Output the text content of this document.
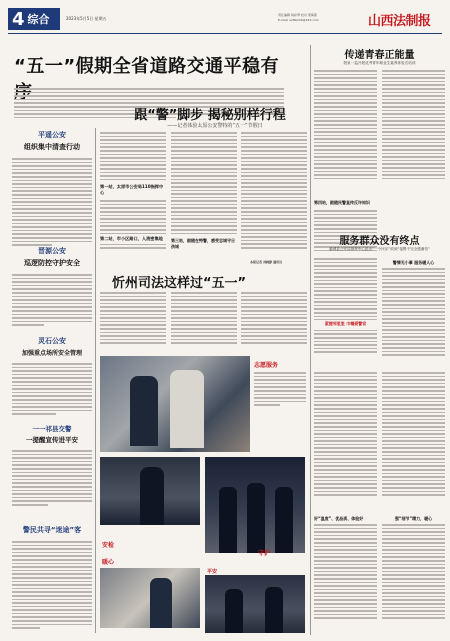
4 综合	2023年5月5日 星期五
责任编辑 杨彩琴 校对 邢海燕
E-mail: sxfzbzhb@163.com	山西法制报
“五一”假期全省道路交通平稳有
平遥公安
组织集中清查行动
晋源公安
巡逻防控守护安全
灵石公安
加强重点场所安全管理
一一祁县交警
一提醒宣传进平安
警民共寻“迷途”客
跟“警”脚步 揭秘别样行程
——记者体验太原公安警特的“五一”节假日
第一站，太原市公安局110指挥中心
第二站，市小区路口，人流密集地	第三站，跟随在特警，感受忠城守日孩城
本报记者 刘晓静 通讯员
传递青春正能量
阳泉一监开展优秀青年职业生素养体验式培训
第四站，跟随民警直传反诈知识
服务群众没有终点
潞城县公安局指挥中心抢出“一令民乐”收到“接警不完全感谢信”
警情无小事 服务暖人心
紧握邻里里 巾帼爱警官
忻州司法这样过“五一”
志愿服务
安检
守护
暖心
平安
好“温度”、优品质、体验好	强“细节”精力，暖心
